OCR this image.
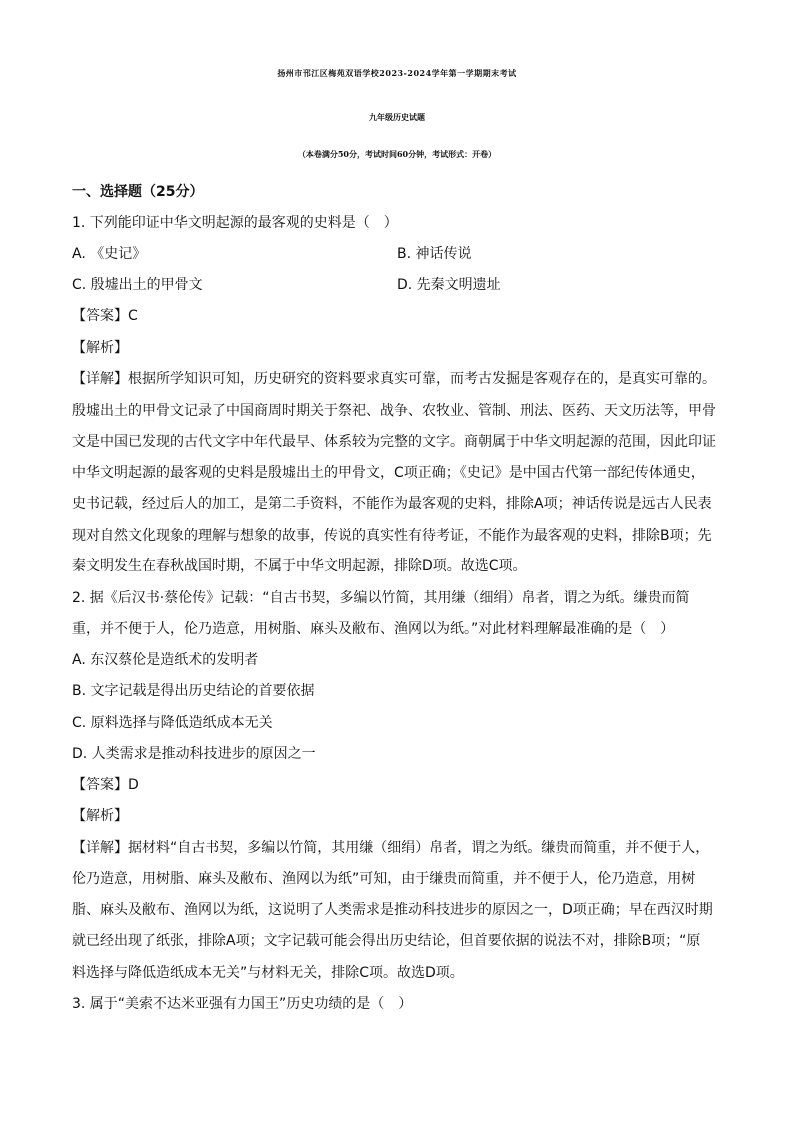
扬州市邗江区梅苑双语学校2023-2024学年第一学期期末考试
九年级历史试题
（本卷满分50分，考试时间60分钟，考试形式：开卷）
一、选择题（25分）
1. 下列能印证中华文明起源的最客观的史料是（　）
A. 《史记》	B. 神话传说
C. 殷墟出土的甲骨文	D. 先秦文明遗址
【答案】C
【解析】
【详解】根据所学知识可知，历史研究的资料要求真实可靠，而考古发掘是客观存在的，是真实可靠的。
殷墟出土的甲骨文记录了中国商周时期关于祭祀、战争、农牧业、管制、刑法、医药、天文历法等，甲骨
文是中国已发现的古代文字中年代最早、体系较为完整的文字。商朝属于中华文明起源的范围，因此印证
中华文明起源的最客观的史料是殷墟出土的甲骨文，C项正确；《史记》是中国古代第一部纪传体通史，
史书记载，经过后人的加工，是第二手资料，不能作为最客观的史料，排除A项；神话传说是远古人民表
现对自然文化现象的理解与想象的故事，传说的真实性有待考证，不能作为最客观的史料，排除B项；先
秦文明发生在春秋战国时期，不属于中华文明起源，排除D项。故选C项。
2. 据《后汉书·蔡伦传》记载：“自古书契，多编以竹简，其用缣（细绢）帛者，谓之为纸。缣贵而简
重，并不便于人，伦乃造意，用树脂、麻头及敝布、渔网以为纸。”对此材料理解最准确的是（　）
A. 东汉蔡伦是造纸术的发明者
B. 文字记载是得出历史结论的首要依据
C. 原料选择与降低造纸成本无关
D. 人类需求是推动科技进步的原因之一
【答案】D
【解析】
【详解】据材料“自古书契，多编以竹简，其用缣（细绢）帛者，谓之为纸。缣贵而简重，并不便于人，
伦乃造意，用树脂、麻头及敝布、渔网以为纸”可知，由于缣贵而简重，并不便于人，伦乃造意，用树
脂、麻头及敝布、渔网以为纸，这说明了人类需求是推动科技进步的原因之一，D项正确；早在西汉时期
就已经出现了纸张，排除A项；文字记载可能会得出历史结论，但首要依据的说法不对，排除B项；“原
料选择与降低造纸成本无关”与材料无关，排除C项。故选D项。
3. 属于“美索不达米亚强有力国王”历史功绩的是（　）
